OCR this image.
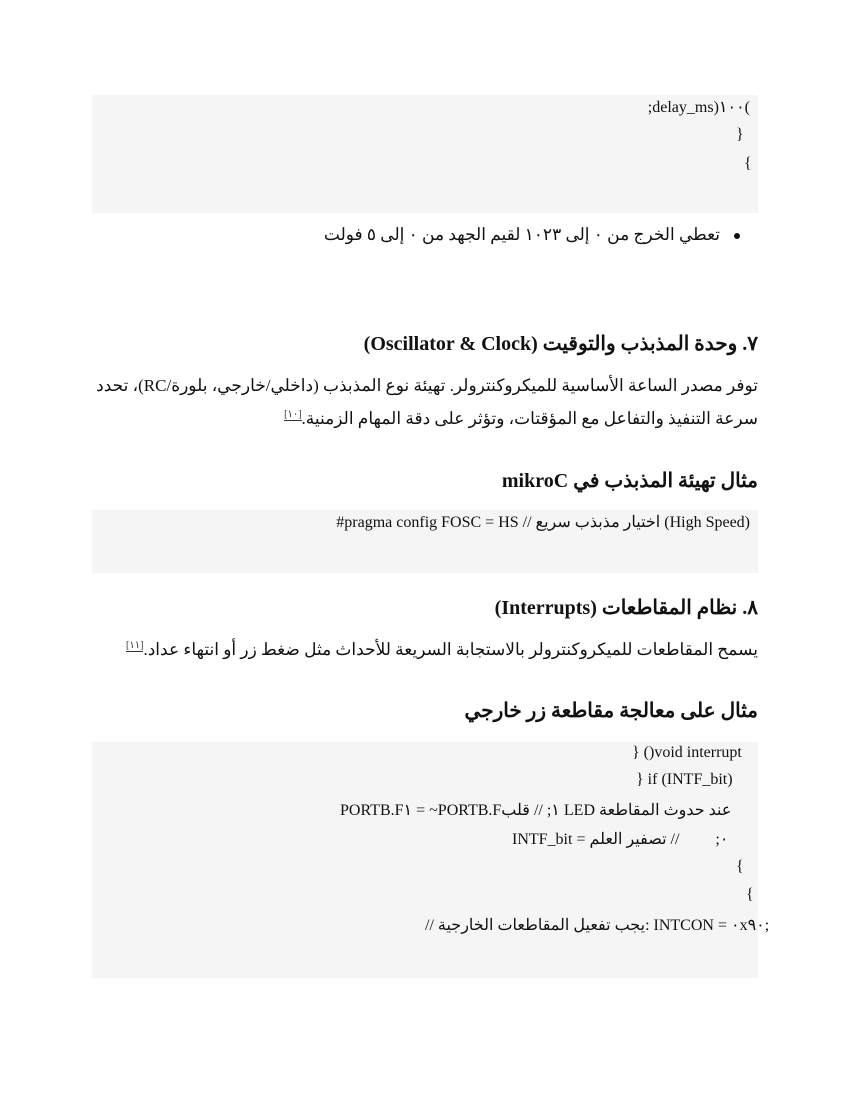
;delay_ms)١٠٠(
}
{
تعطي الخرج من ٠ إلى ١٠٢٣ لقيم الجهد من ٠ إلى ٥ فولت
٧. وحدة المذبذب والتوقيت (Oscillator & Clock)
توفر مصدر الساعة الأساسية للميكروكنترولر. تهيئة نوع المذبذب (داخلي/خارجي، بلورة/RC)، تحدد
سرعة التنفيذ والتفاعل مع المؤقتات، وتؤثر على دقة المهام الزمنية.[١٠]
مثال تهيئة المذبذب في mikroC
#pragma config FOSC = HS // اختيار مذبذب سريع (High Speed)
٨. نظام المقاطعات (Interrupts)
يسمح المقاطعات للميكروكنترولر بالاستجابة السريعة للأحداث مثل ضغط زر أو انتهاء عداد.[١١]
مثال على معالجة مقاطعة زر خارجي
} ()void interrupt
} if (INTF_bit)
PORTB.F١ = ~PORTB.F١; // قلب LED عند حدوث المقاطعة
INTF_bit = ٠;         // تصفير العلم
{
{
// يجب تفعيل المقاطعات الخارجية: INTCON = ٠x٩٠;
